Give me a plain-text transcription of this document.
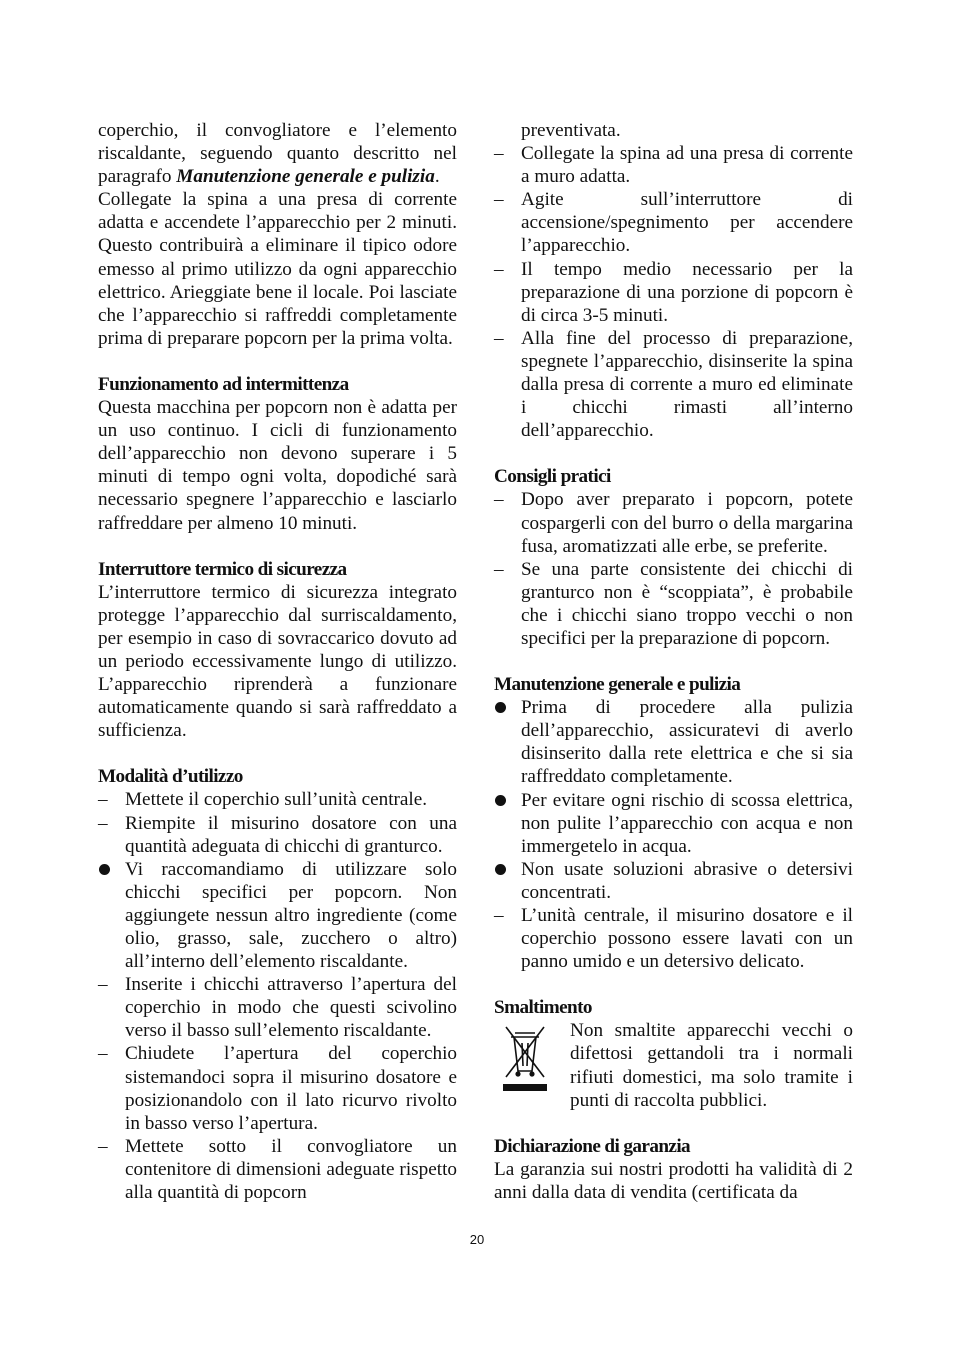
coperchio, il convogliatore e l’elemento riscaldante, seguendo quanto descritto nel paragrafo Manutenzione generale e pulizia.

Collegate la spina a una presa di corrente adatta e accendete l’apparecchio per 2 minuti. Questo contribuirà a eliminare il tipico odore emesso al primo utilizzo da ogni apparecchio elettrico. Arieggiate bene il locale. Poi lasciate che l’apparecchio si raffreddi completamente prima di preparare popcorn per la prima volta.

Funzionamento ad intermittenza

Questa macchina per popcorn non è adatta per un uso continuo. I cicli di funzionamento dell’apparecchio non devono superare i 5 minuti di tempo ogni volta, dopodiché sarà necessario spegnere l’apparecchio e lasciarlo raffreddare per almeno 10 minuti.

Interruttore termico di sicurezza

L’interruttore termico di sicurezza integrato protegge l’apparecchio dal surriscaldamento, per esempio in caso di sovraccarico dovuto ad un periodo eccessivamente lungo di utilizzo. L’apparecchio riprenderà a funzionare automaticamente quando si sarà raffreddato a sufficienza.

Modalità d’utilizzo

–
Mettete il coperchio sull’unità centrale.
–
Riempite il misurino dosatore con una quantità adeguata di chicchi di granturco.
Vi raccomandiamo di utilizzare solo chicchi specifici per popcorn. Non aggiungete nessun altro ingrediente (come olio, grasso, sale, zucchero o altro) all’interno dell’elemento riscaldante.
–
Inserite i chicchi attraverso l’apertura del coperchio in modo che questi scivolino verso il basso sull’elemento riscaldante.
–
Chiudete l’apertura del coperchio sistemandoci sopra il misurino dosatore e posizionandolo con il lato ricurvo rivolto in basso verso l’apertura.
–
Mettete sotto il convogliatore un contenitore di dimensioni adeguate rispetto alla quantità di popcorn
preventivata.
–
Collegate la spina ad una presa di corrente a muro adatta.
–
Agite sull’interruttore di accensione/spegnimento per accendere l’apparecchio.
–
Il tempo medio necessario per la preparazione di una porzione di popcorn è di circa 3-5 minuti.
–
Alla fine del processo di preparazione, spegnete l’apparecchio, disinserite la spina dalla presa di corrente a muro ed eliminate i chicchi rimasti all’interno dell’apparecchio.

Consigli pratici

–
Dopo aver preparato i popcorn, potete cospargerli con del burro o della margarina fusa, aromatizzati alle erbe, se preferite.
–
Se una parte consistente dei chicchi di granturco non è “scoppiata”, è probabile che i chicchi siano troppo vecchi o non specifici per la preparazione di popcorn.

Manutenzione generale e pulizia

Prima di procedere alla pulizia dell’apparecchio, assicuratevi di averlo disinserito dalla rete elettrica e che si sia raffreddato completamente.
Per evitare ogni rischio di scossa elettrica, non pulite l’apparecchio con acqua e non immergetelo in acqua.
Non usate soluzioni abrasive o detersivi concentrati.
–
L’unità centrale, il misurino dosatore e il coperchio possono essere lavati con un panno umido e un detersivo delicato.

Smaltimento

Non smaltite apparecchi vecchi o difettosi gettandoli tra i normali rifiuti domestici, ma solo tramite i punti di raccolta pubblici.

Dichiarazione di garanzia

La garanzia sui nostri prodotti ha validità di 2 anni dalla data di vendita (certificata da

20
